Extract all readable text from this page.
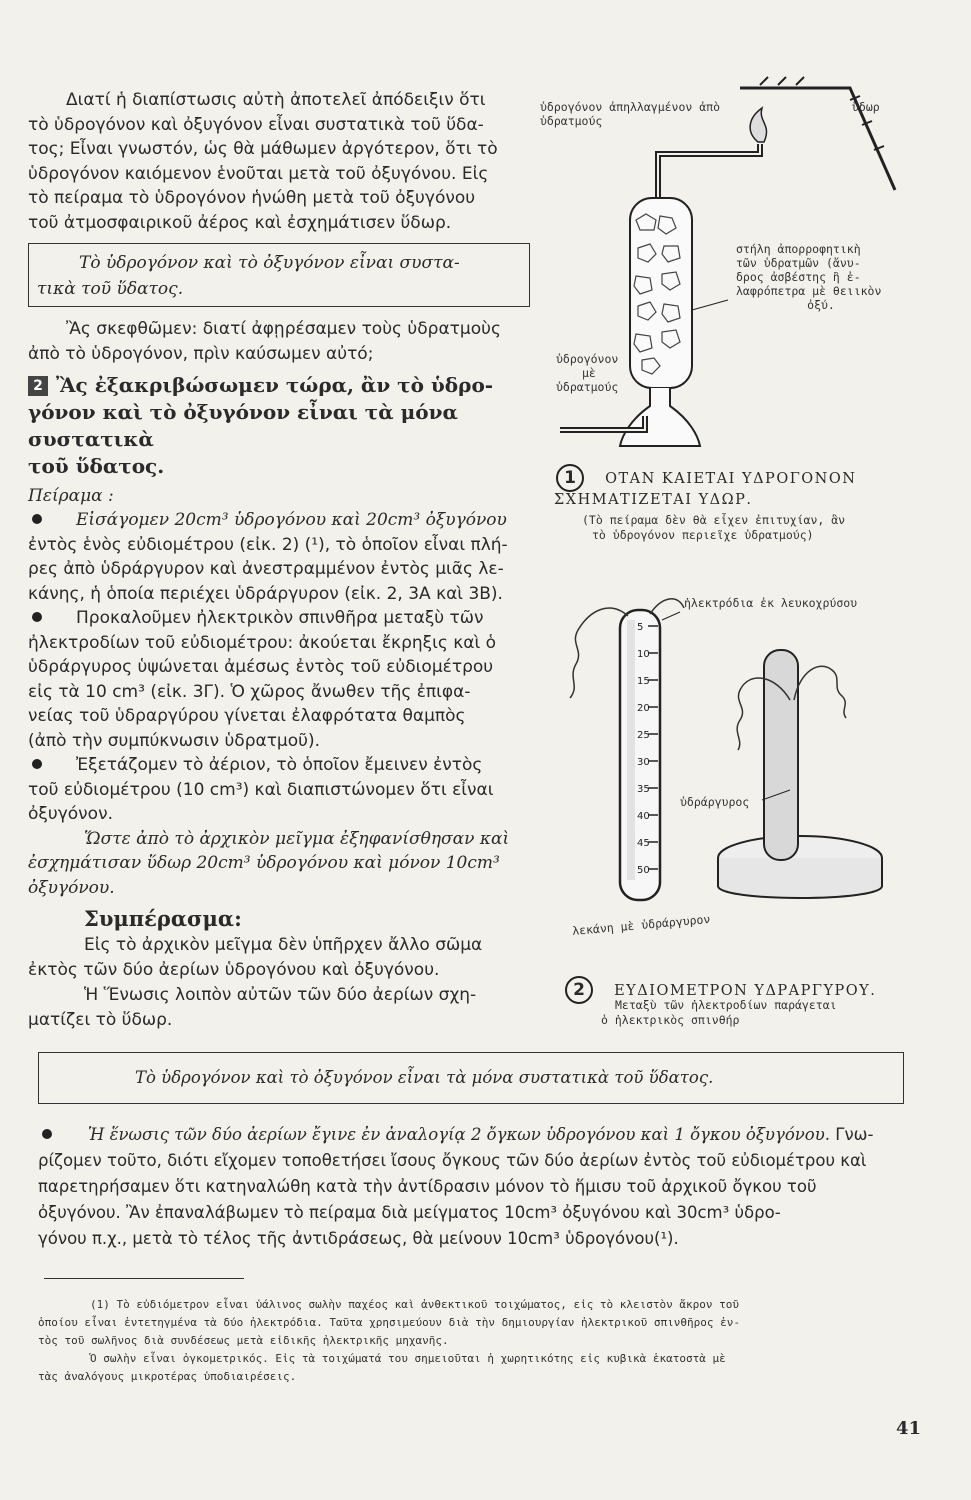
Διατί ἡ διαπίστωσις αὐτὴ ἀποτελεῖ ἀπόδειξιν ὅτι

τὸ ὑδρογόνον καὶ ὀξυγόνον εἶναι συστατικὰ τοῦ ὕδα-

τος; Εἶναι γνωστόν, ὡς θὰ μάθωμεν ἀργότερον, ὅτι τὸ

ὑδρογόνον καιόμενον ἑνοῦται μετὰ τοῦ ὀξυγόνου. Εἰς

τὸ πείραμα τὸ ὑδρογόνον ἡνώθη μετὰ τοῦ ὀξυγόνου

τοῦ ἀτμοσφαιρικοῦ ἀέρος καὶ ἐσχημάτισεν ὕδωρ.

Τὸ ὑδρογόνον καὶ τὸ ὀξυγόνον εἶναι συστα-
τικὰ τοῦ ὕδατος.

Ἂς σκεφθῶμεν: διατί ἀφῃρέσαμεν τοὺς ὑδρατμοὺς

ἀπὸ τὸ ὑδρογόνον, πρὶν καύσωμεν αὐτό;

2 Ἂς ἐξακριβώσωμεν τώρα, ἂν τὸ ὑδρο-
γόνον καὶ τὸ ὀξυγόνον εἶναι τὰ μόνα συστατικὰ
τοῦ ὕδατος.
Πείραμα :

Εἰσάγομεν 20cm³ ὑδρογόνου καὶ 20cm³ ὀξυγόνου

ἐντὸς ἑνὸς εὐδιομέτρου (εἰκ. 2) (¹), τὸ ὁποῖον εἶναι πλή-

ρες ἀπὸ ὑδράργυρον καὶ ἀνεστραμμένον ἐντὸς μιᾶς λε-

κάνης, ἡ ὁποία περιέχει ὑδράργυρον (εἰκ. 2, 3Α καὶ 3Β).

Προκαλοῦμεν ἠλεκτρικὸν σπινθῆρα μεταξὺ τῶν

ἠλεκτροδίων τοῦ εὐδιομέτρου: ἀκούεται ἔκρηξις καὶ ὁ

ὑδράργυρος ὑψώνεται ἀμέσως ἐντὸς τοῦ εὐδιομέτρου

εἰς τὰ 10 cm³ (εἰκ. 3Γ). Ὁ χῶρος ἄνωθεν τῆς ἐπιφα-

νείας τοῦ ὑδραργύρου γίνεται ἐλαφρότατα θαμπὸς

(ἀπὸ τὴν συμπύκνωσιν ὑδρατμοῦ).

Ἐξετάζομεν τὸ ἀέριον, τὸ ὁποῖον ἔμεινεν ἐντὸς

τοῦ εὐδιομέτρου (10 cm³) καὶ διαπιστώνομεν ὅτι εἶναι

ὀξυγόνον.

Ὥστε ἀπὸ τὸ ἀρχικὸν μεῖγμα ἐξηφανίσθησαν καὶ

ἐσχημάτισαν ὕδωρ 20cm³ ὑδρογόνου καὶ μόνον 10cm³

ὀξυγόνου.

Συμπέρασμα:

Εἰς τὸ ἀρχικὸν μεῖγμα δὲν ὑπῆρχεν ἄλλο σῶμα

ἐκτὸς τῶν δύο ἀερίων ὑδρογόνου καὶ ὀξυγόνου.

Ἡ Ἕνωσις λοιπὸν αὐτῶν τῶν δύο ἀερίων σχη-

ματίζει τὸ ὕδωρ.

ὑδρογόνον ἀπηλλαγμένον ἀπὸ ὑδρατμούς
ὕδωρ
στήλη ἀπορροφητικὴ
τῶν ὑδρατμῶν (ἄνυ-
δρος ἀσβέστης ἢ ἐ-
λαφρόπετρα μὲ θειικὸν
ὀξύ.
ὑδρογόνον
μὲ
ὑδρατμούς
1 ΟΤΑΝ ΚΑΙΕΤΑΙ ΥΔΡΟΓΟΝΟΝ
ΣΧΗΜΑΤΙΖΕΤΑΙ ΥΔΩΡ.
(Τὸ πείραμα δὲν θὰ εἶχεν ἐπιτυχίαν, ἂν
τὸ ὑδρογόνον περιεῖχε ὑδρατμούς)
5
10
15
20
25
30
35
40
45
50
ἠλεκτρόδια ἐκ λευκοχρύσου
ὑδράργυρος
λεκάνη μὲ ὑδράργυρον
2 ΕΥΔΙΟΜΕΤΡΟΝ ΥΔΡΑΡΓΥΡΟΥ.
Μεταξὺ τῶν ἠλεκτροδίων παράγεται
ὁ ἠλεκτρικὸς σπινθήρ
Τὸ ὑδρογόνον καὶ τὸ ὀξυγόνον εἶναι τὰ μόνα συστατικὰ τοῦ ὕδατος.
Ἡ ἕνωσις τῶν δύο ἀερίων ἔγινε ἐν ἀναλογίᾳ 2 ὄγκων ὑδρογόνου καὶ 1 ὄγκου ὀξυγόνου. Γνω-
ρίζομεν τοῦτο, διότι εἴχομεν τοποθετήσει ἴσους ὄγκους τῶν δύο ἀερίων ἐντὸς τοῦ εὐδιομέτρου καὶ
παρετηρήσαμεν ὅτι κατηναλώθη κατὰ τὴν ἀντίδρασιν μόνον τὸ ἥμισυ τοῦ ἀρχικοῦ ὄγκου τοῦ
ὀξυγόνου. Ἂν ἐπαναλάβωμεν τὸ πείραμα διὰ μείγματος 10cm³ ὀξυγόνου καὶ 30cm³ ὑδρο-
γόνου π.χ., μετὰ τὸ τέλος τῆς ἀντιδράσεως, θὰ μείνουν 10cm³ ὑδρογόνου(¹).
(1) Τὸ εὐδιόμετρον εἶναι ὑάλινος σωλὴν παχέος καὶ ἀνθεκτικοῦ τοιχώματος, εἰς τὸ κλειστὸν ἄκρον τοῦ
ὁποίου εἶναι ἐντετηγμένα τὰ δύο ἠλεκτρόδια. Ταῦτα χρησιμεύουν διὰ τὴν δημιουργίαν ἠλεκτρικοῦ σπινθῆρος ἐν-
τὸς τοῦ σωλῆνος διὰ συνδέσεως μετὰ εἰδικῆς ἠλεκτρικῆς μηχανῆς.
Ὁ σωλὴν εἶναι ὀγκομετρικός. Εἰς τὰ τοιχώματά του σημειοῦται ἡ χωρητικότης εἰς κυβικὰ ἑκατοστὰ μὲ
τὰς ἀναλόγους μικροτέρας ὑποδιαιρέσεις.
41
